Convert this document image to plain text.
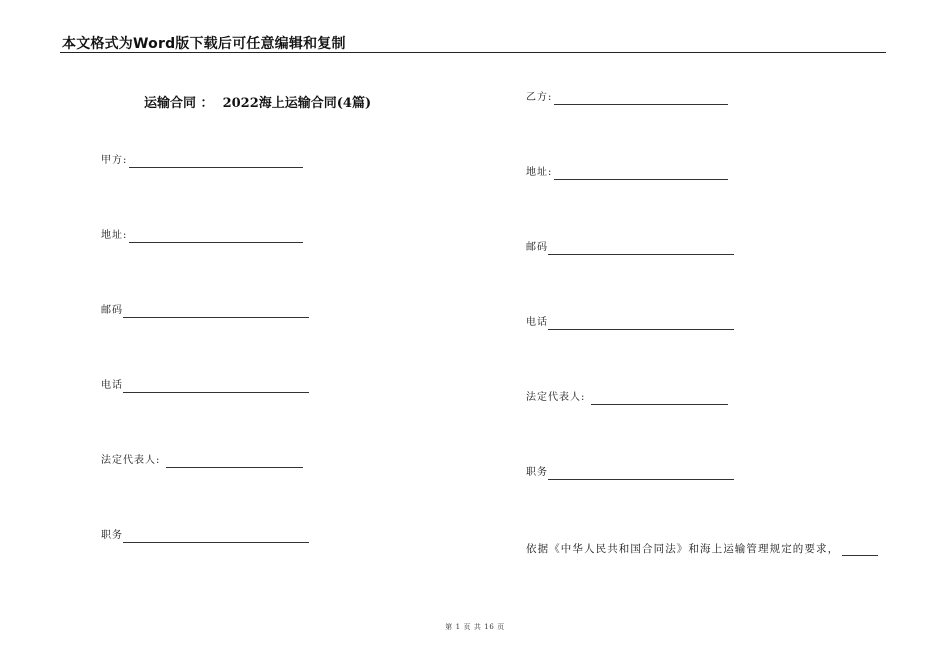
本文格式为Word版下载后可任意编辑和复制
运输合同 ：  2022海上运输合同(4篇)
甲方:
地址:
邮码
电话
法定代表人:
职务
乙方:
地址:
邮码
电话
法定代表人:
职务
依据《中华人民共和国合同法》和海上运输管理规定的要求，
第 1 页 共 16 页
